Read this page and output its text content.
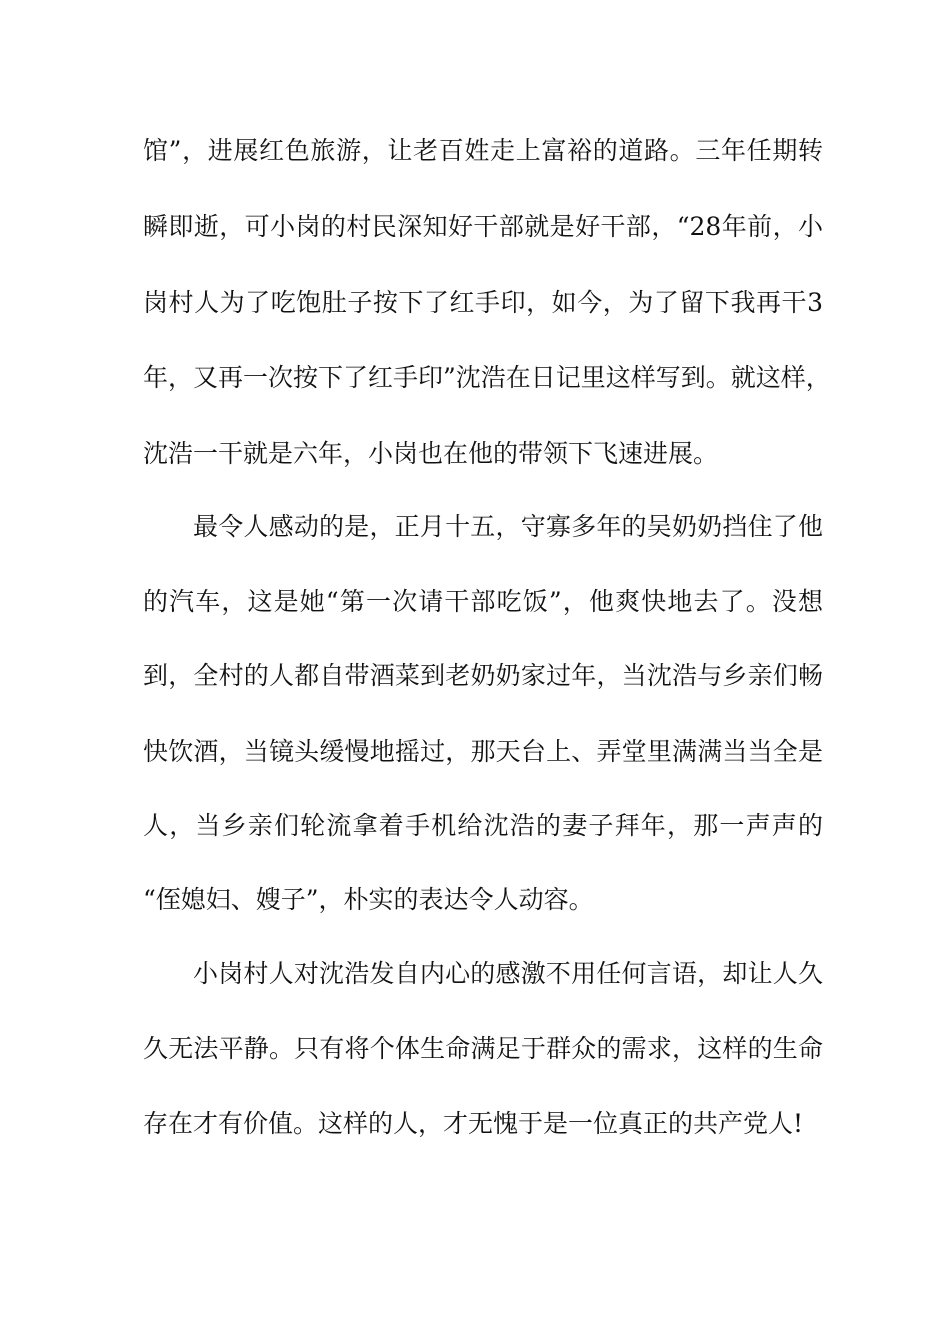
馆”，进展红色旅游，让老百姓走上富裕的道路。三年任期转
瞬即逝，可小岗的村民深知好干部就是好干部，“28年前，小
岗村人为了吃饱肚子按下了红手印，如今，为了留下我再干3
年，又再一次按下了红手印”沈浩在日记里这样写到。就这样，
沈浩一干就是六年，小岗也在他的带领下飞速进展。
最令人感动的是，正月十五，守寡多年的吴奶奶挡住了他
的汽车，这是她“第一次请干部吃饭”，他爽快地去了。没想
到，全村的人都自带酒菜到老奶奶家过年，当沈浩与乡亲们畅
快饮酒，当镜头缓慢地摇过，那天台上、弄堂里满满当当全是
人，当乡亲们轮流拿着手机给沈浩的妻子拜年，那一声声的
“侄媳妇、嫂子”，朴实的表达令人动容。
小岗村人对沈浩发自内心的感激不用任何言语，却让人久
久无法平静。只有将个体生命满足于群众的需求，这样的生命
存在才有价值。这样的人，才无愧于是一位真正的共产党人!
